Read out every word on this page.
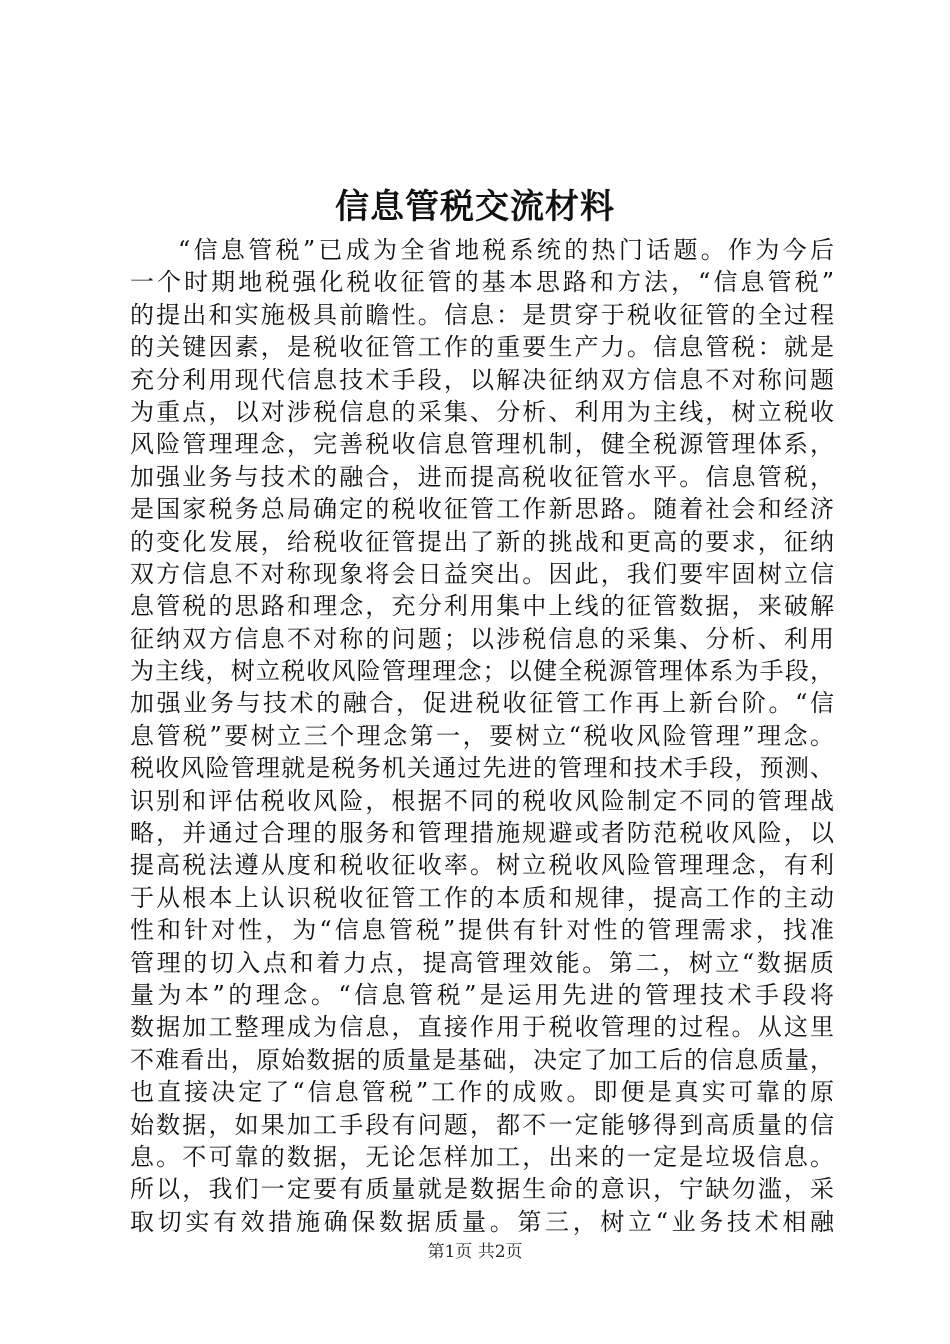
信息管税交流材料
“信息管税”已成为全省地税系统的热门话题。作为今后
一个时期地税强化税收征管的基本思路和方法，“信息管税”
的提出和实施极具前瞻性。信息：是贯穿于税收征管的全过程
的关键因素，是税收征管工作的重要生产力。信息管税：就是
充分利用现代信息技术手段，以解决征纳双方信息不对称问题
为重点，以对涉税信息的采集、分析、利用为主线，树立税收
风险管理理念，完善税收信息管理机制，健全税源管理体系，
加强业务与技术的融合，进而提高税收征管水平。信息管税，
是国家税务总局确定的税收征管工作新思路。随着社会和经济
的变化发展，给税收征管提出了新的挑战和更高的要求，征纳
双方信息不对称现象将会日益突出。因此，我们要牢固树立信
息管税的思路和理念，充分利用集中上线的征管数据，来破解
征纳双方信息不对称的问题；以涉税信息的采集、分析、利用
为主线，树立税收风险管理理念；以健全税源管理体系为手段，
加强业务与技术的融合，促进税收征管工作再上新台阶。“信
息管税”要树立三个理念第一，要树立“税收风险管理”理念。
税收风险管理就是税务机关通过先进的管理和技术手段，预测、
识别和评估税收风险，根据不同的税收风险制定不同的管理战
略，并通过合理的服务和管理措施规避或者防范税收风险，以
提高税法遵从度和税收征收率。树立税收风险管理理念，有利
于从根本上认识税收征管工作的本质和规律，提高工作的主动
性和针对性，为“信息管税”提供有针对性的管理需求，找准
管理的切入点和着力点，提高管理效能。第二，树立“数据质
量为本”的理念。“信息管税”是运用先进的管理技术手段将
数据加工整理成为信息，直接作用于税收管理的过程。从这里
不难看出，原始数据的质量是基础，决定了加工后的信息质量，
也直接决定了“信息管税”工作的成败。即便是真实可靠的原
始数据，如果加工手段有问题，都不一定能够得到高质量的信
息。不可靠的数据，无论怎样加工，出来的一定是垃圾信息。
所以，我们一定要有质量就是数据生命的意识，宁缺勿滥，采
取切实有效措施确保数据质量。第三，树立“业务技术相融
第1页 共2页
